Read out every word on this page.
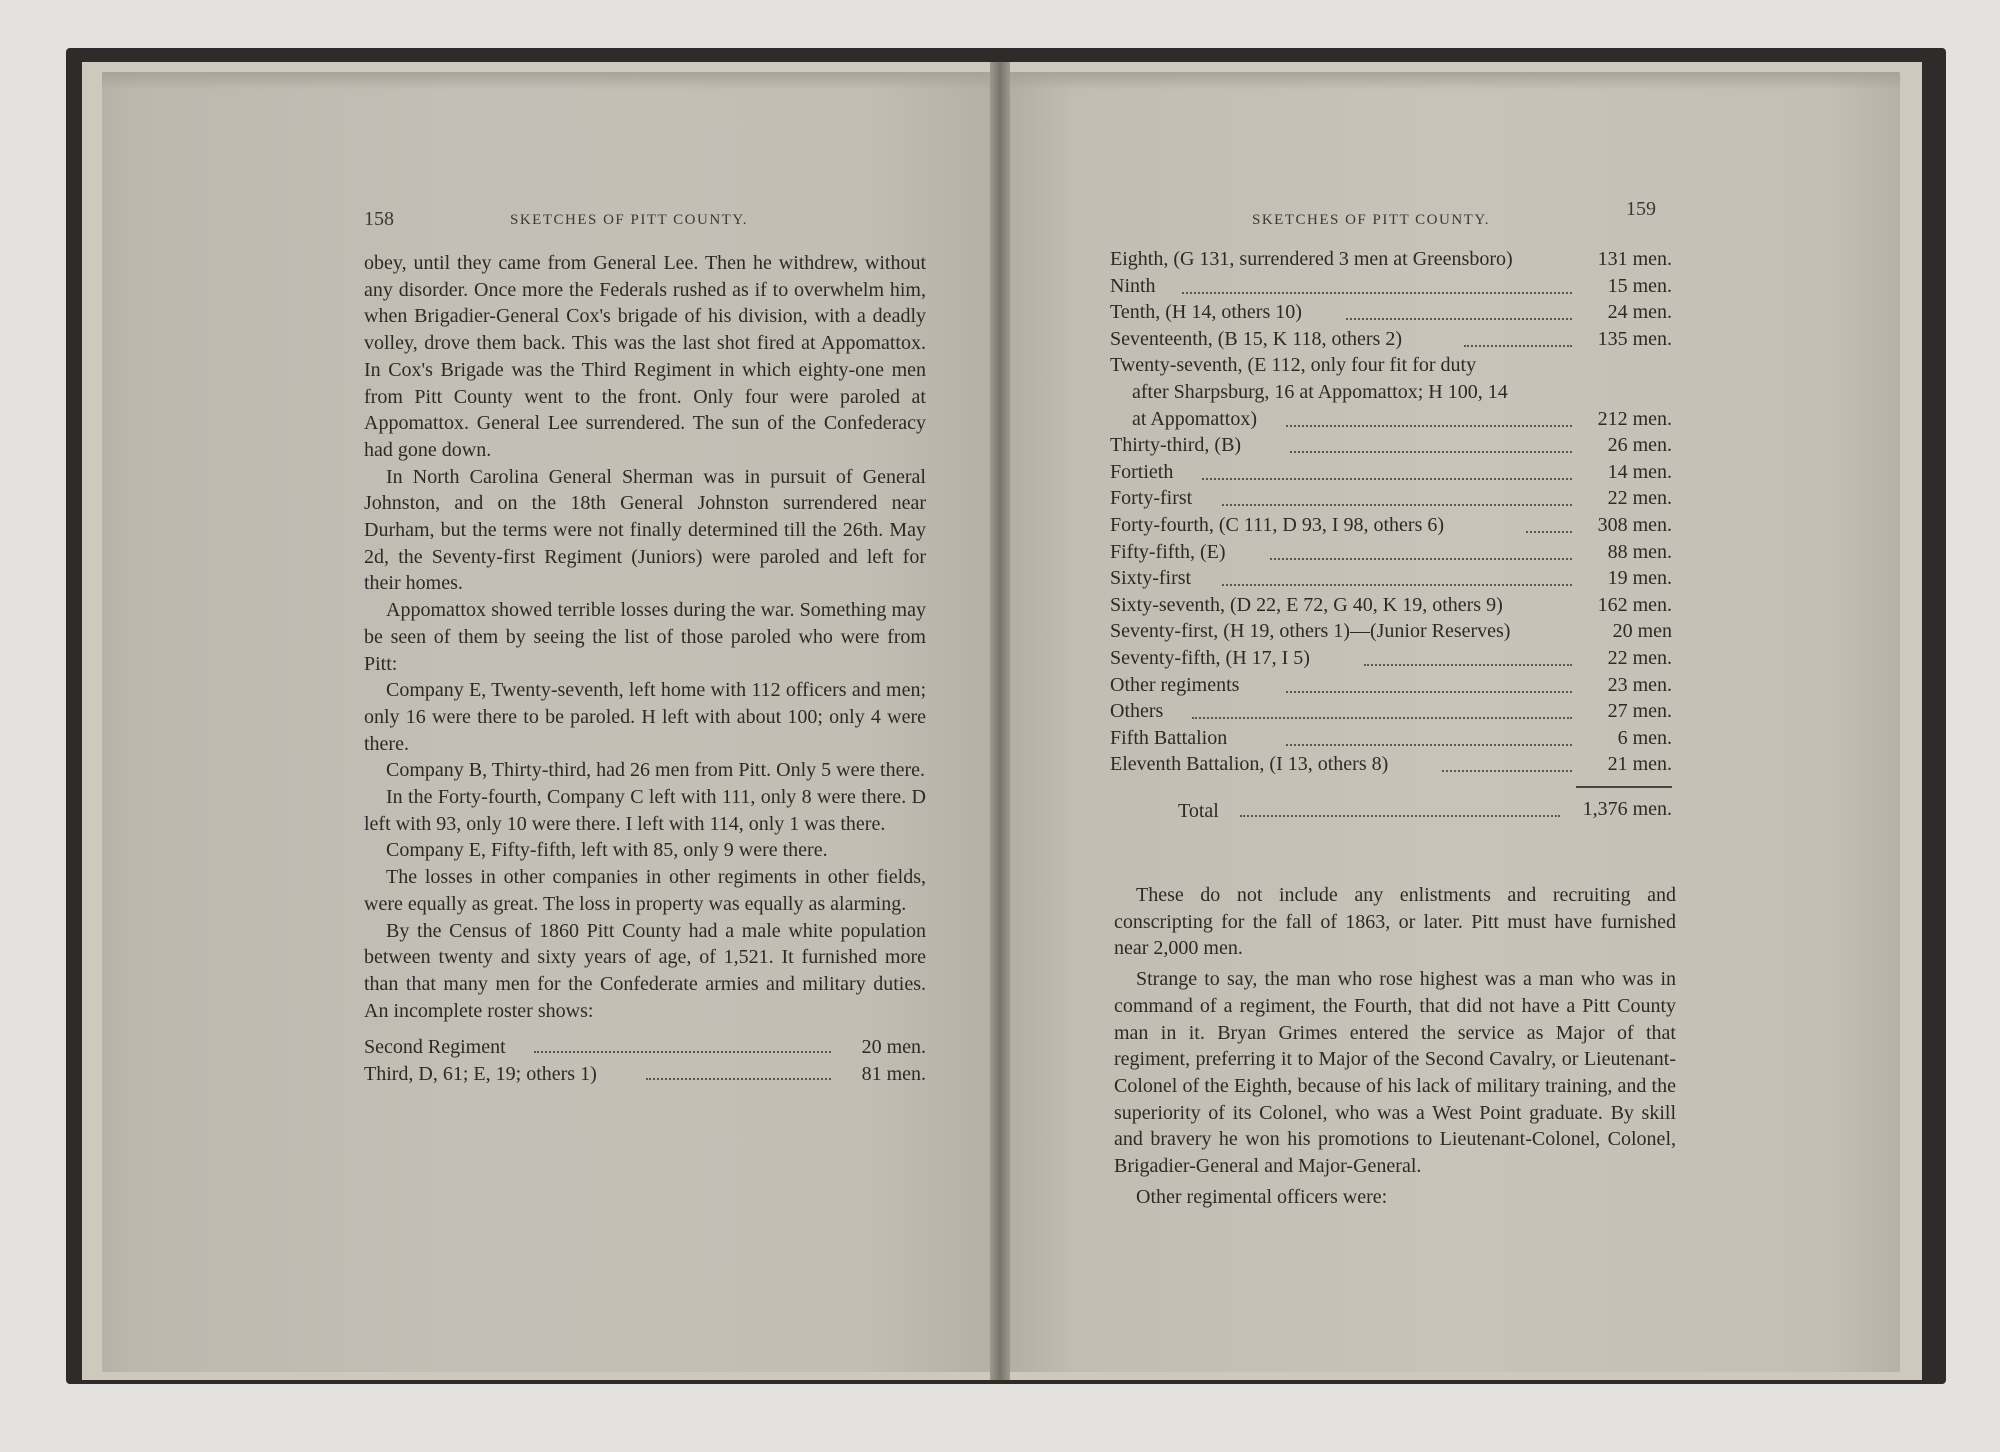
158	SKETCHES OF PITT COUNTY.

obey, until they came from General Lee. Then he withdrew, without any disorder. Once more the Federals rushed as if to overwhelm him, when Brigadier-General Cox's brigade of his division, with a deadly volley, drove them back. This was the last shot fired at Appomattox. In Cox's Brigade was the Third Regiment in which eighty-one men from Pitt County went to the front. Only four were paroled at Appomattox. General Lee surrendered. The sun of the Confederacy had gone down.

In North Carolina General Sherman was in pursuit of General Johnston, and on the 18th General Johnston surrendered near Durham, but the terms were not finally determined till the 26th. May 2d, the Seventy-first Regiment (Juniors) were paroled and left for their homes.

Appomattox showed terrible losses during the war. Something may be seen of them by seeing the list of those paroled who were from Pitt:

Company E, Twenty-seventh, left home with 112 officers and men; only 16 were there to be paroled. H left with about 100; only 4 were there.

Company B, Thirty-third, had 26 men from Pitt. Only 5 were there.

In the Forty-fourth, Company C left with 111, only 8 were there. D left with 93, only 10 were there. I left with 114, only 1 was there.

Company E, Fifty-fifth, left with 85, only 9 were there.

The losses in other companies in other regiments in other fields, were equally as great. The loss in property was equally as alarming.

By the Census of 1860 Pitt County had a male white population between twenty and sixty years of age, of 1,521. It furnished more than that many men for the Confederate armies and military duties. An incomplete roster shows:

Second Regiment	20 men.
Third, D, 61; E, 19; others 1)	81 men.
SKETCHES OF PITT COUNTY.	159
Eighth, (G 131, surrendered 3 men at Greensboro)	131 men.
Ninth	15 men.
Tenth, (H 14, others 10)	24 men.
Seventeenth, (B 15, K 118, others 2)	135 men.
Twenty-seventh, (E 112, only four fit for duty
after Sharpsburg, 16 at Appomattox; H 100, 14
at Appomattox)	212 men.
Thirty-third, (B)	26 men.
Fortieth	14 men.
Forty-first	22 men.
Forty-fourth, (C 111, D 93, I 98, others 6)	308 men.
Fifty-fifth, (E)	88 men.
Sixty-first	19 men.
Sixty-seventh, (D 22, E 72, G 40, K 19, others 9)	162 men.
Seventy-first, (H 19, others 1)—(Junior Reserves)	20 men
Seventy-fifth, (H 17, I 5)	22 men.
Other regiments	23 men.
Others	27 men.
Fifth Battalion	6 men.
Eleventh Battalion, (I 13, others 8)	21 men.
Total	1,376 men.

These do not include any enlistments and recruiting and conscripting for the fall of 1863, or later. Pitt must have furnished near 2,000 men.

Strange to say, the man who rose highest was a man who was in command of a regiment, the Fourth, that did not have a Pitt County man in it. Bryan Grimes entered the service as Major of that regiment, preferring it to Major of the Second Cavalry, or Lieutenant-Colonel of the Eighth, because of his lack of military training, and the superiority of its Colonel, who was a West Point graduate. By skill and bravery he won his promotions to Lieutenant-Colonel, Colonel, Brigadier-General and Major-General.

Other regimental officers were:
